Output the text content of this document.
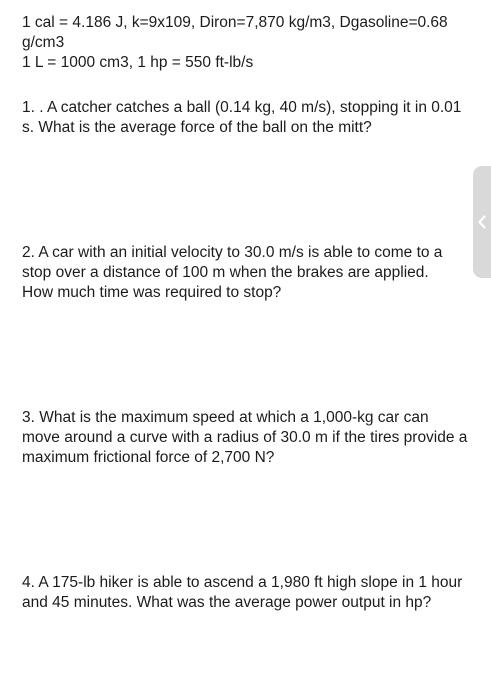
1 cal = 4.186 J, k=9x109, Diron=7,870 kg/m3, Dgasoline=0.68
g/cm3
1 L = 1000 cm3, 1 hp = 550 ft-lb/s

1. . A catcher catches a ball (0.14 kg, 40 m/s), stopping it in 0.01
s. What is the average force of the ball on the mitt?

2. A car with an initial velocity to 30.0 m/s is able to come to a
stop over a distance of 100 m when the brakes are applied.
How much time was required to stop?

3. What is the maximum speed at which a 1,000-kg car can
move around a curve with a radius of 30.0 m if the tires provide a
maximum frictional force of 2,700 N?

4. A 175-lb hiker is able to ascend a 1,980 ft high slope in 1 hour
and 45 minutes. What was the average power output in hp?
